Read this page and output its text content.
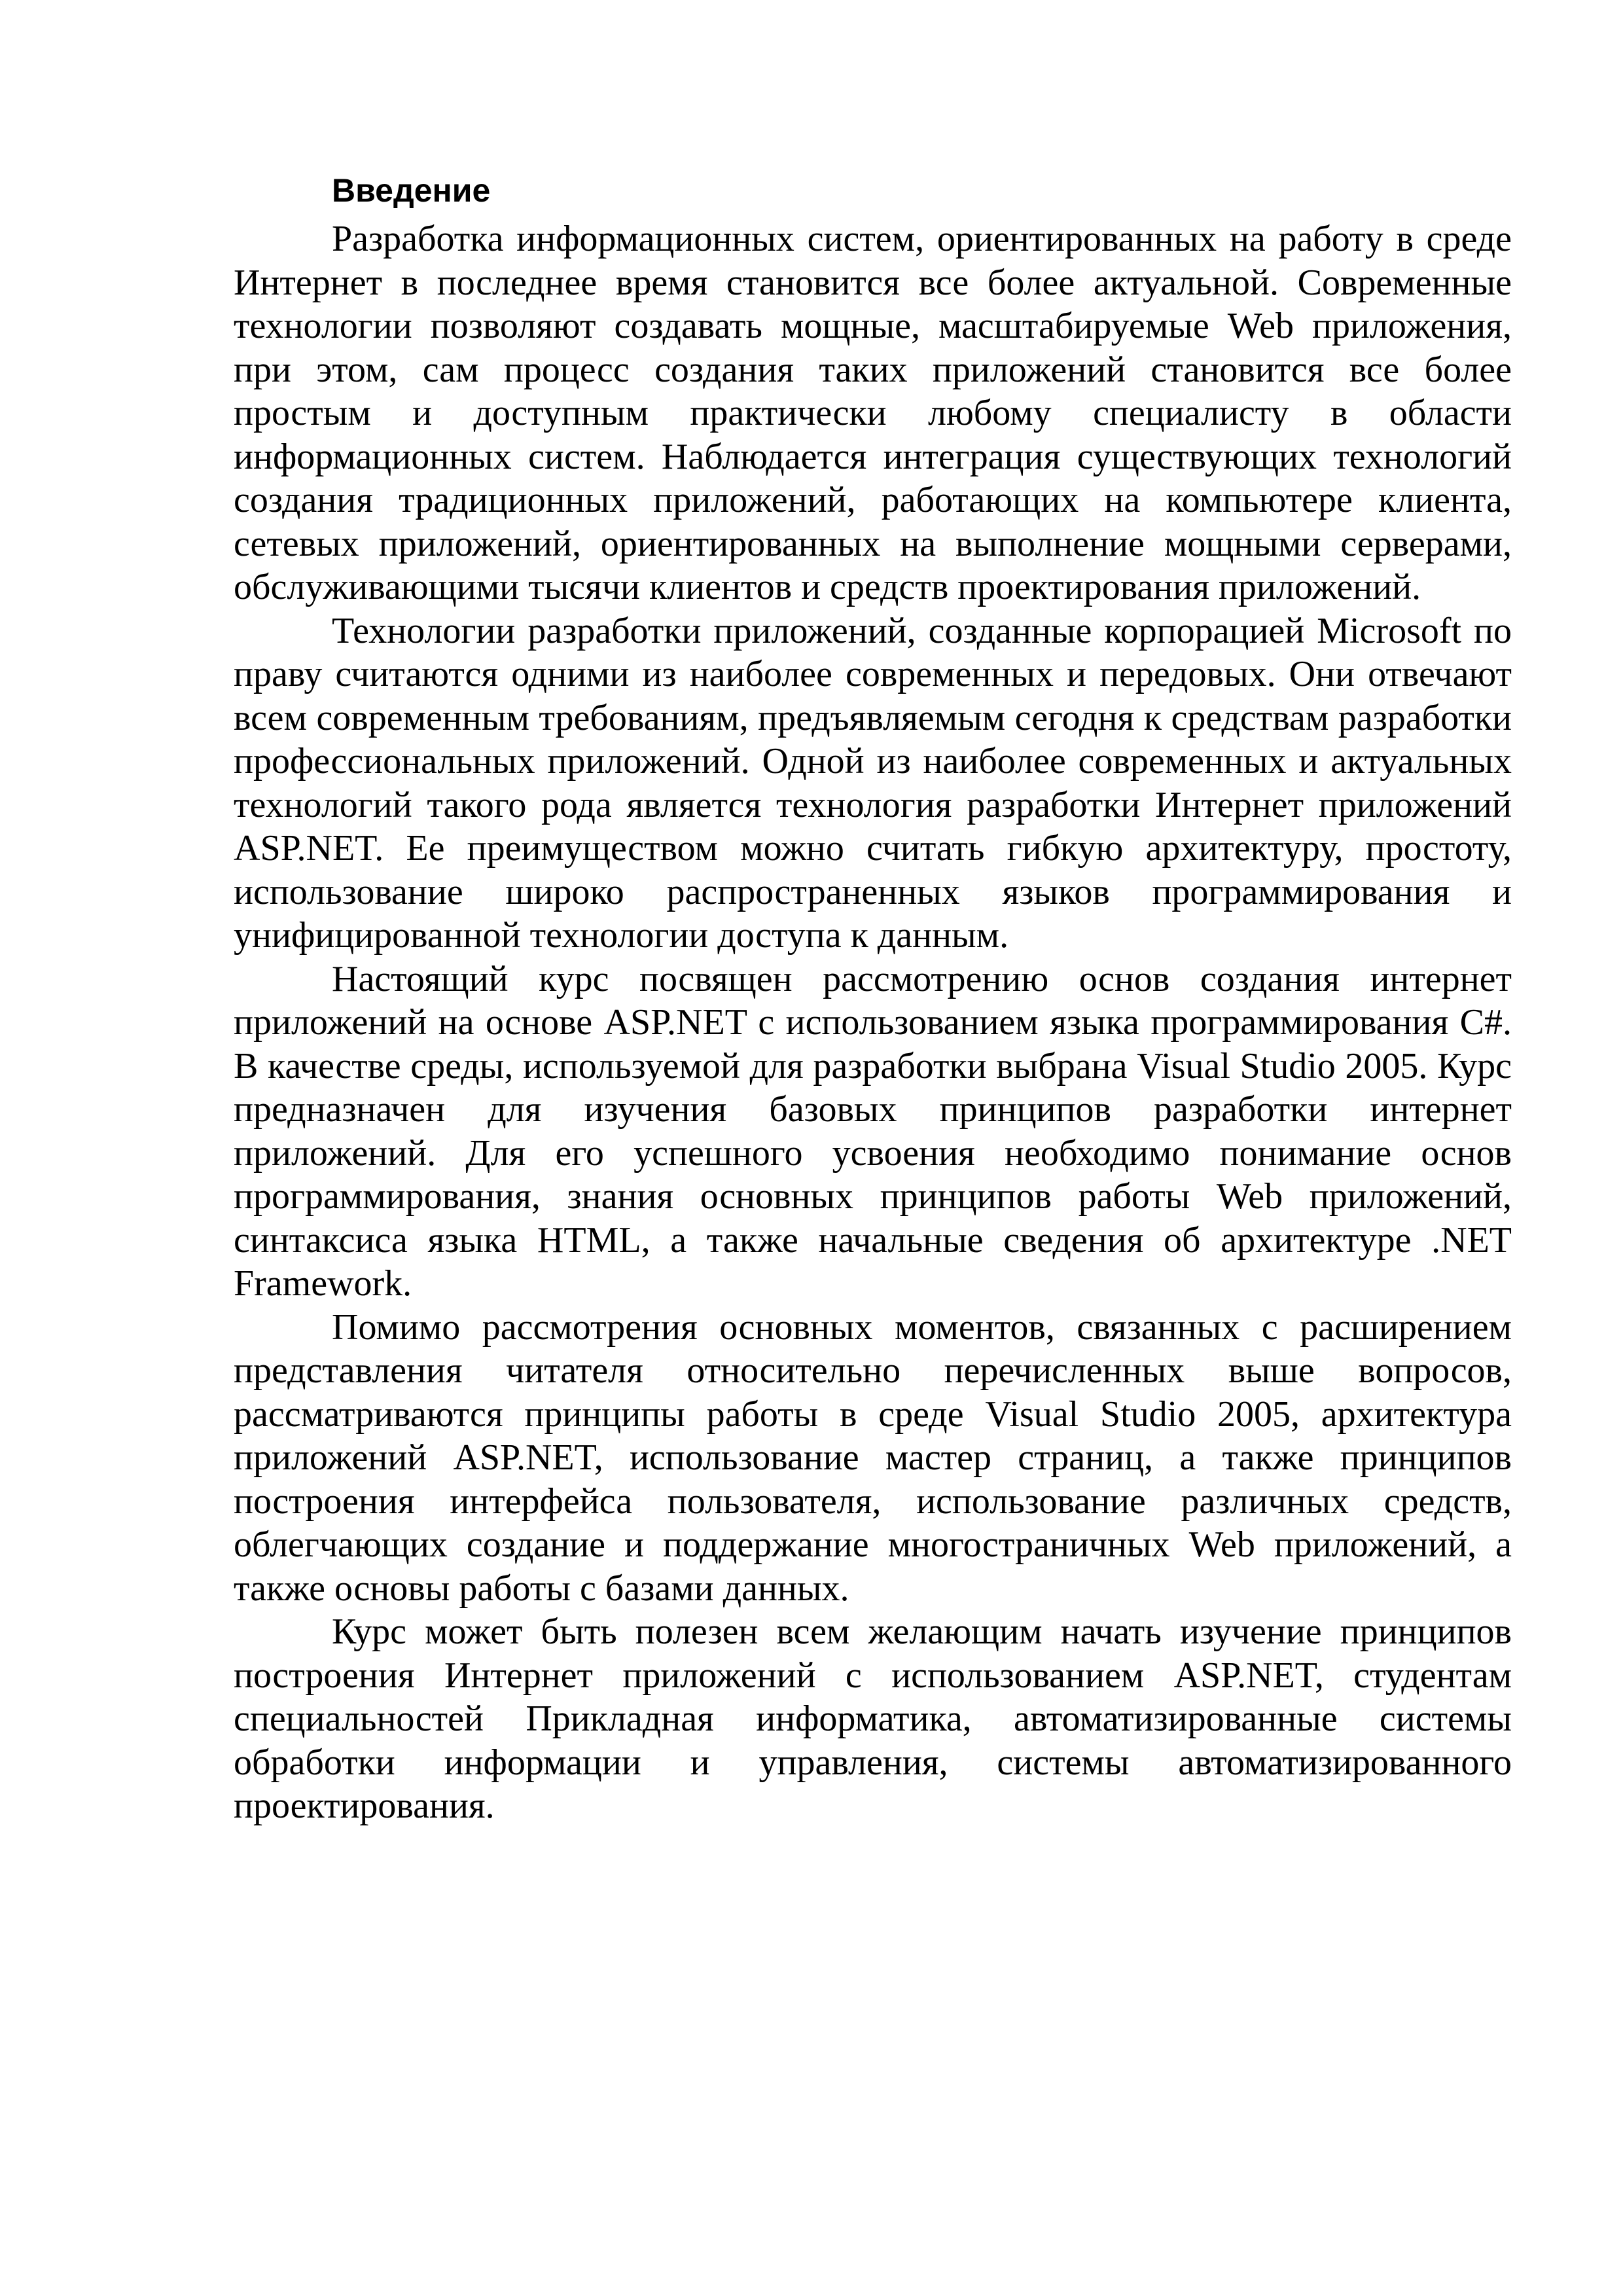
Введение

Разработка информационных систем, ориентированных на работу в среде Интернет в последнее время становится все более актуальной. Современные технологии позволяют создавать мощные, масштабируемые Web приложения, при этом, сам процесс создания таких приложений становится все более простым и доступным практически любому специалисту в области информационных систем. Наблюдается интеграция существующих технологий создания традиционных приложений, работающих на компьютере клиента, сетевых приложений, ориентированных на выполнение мощными серверами, обслуживающими тысячи клиентов и средств проектирования приложений.

Технологии разработки приложений, созданные корпорацией Microsoft по праву считаются одними из наиболее современных и передовых. Они отвечают всем современным требованиям, предъявляемым сегодня к средствам разработки профессиональных приложений. Одной из наиболее современных и актуальных технологий такого рода является технология разработки Интернет приложений ASP.NET. Ее преимуществом можно считать гибкую архитектуру, простоту, использование широко распространенных языков программирования и унифицированной технологии доступа к данным.

Настоящий курс посвящен рассмотрению основ создания интернет приложений на основе ASP.NET с использованием языка программирования C#. В качестве среды, используемой для разработки выбрана Visual Studio 2005. Курс предназначен для изучения базовых принципов разработки интернет приложений. Для его успешного усвоения необходимо понимание основ программирования, знания основных принципов работы Web приложений, синтаксиса языка HTML, а также начальные сведения об архитектуре .NET Framework.

Помимо рассмотрения основных моментов, связанных с расширением представления читателя относительно перечисленных выше вопросов, рассматриваются принципы работы в среде Visual Studio 2005, архитектура приложений ASP.NET, использование мастер страниц, а также принципов построения интерфейса пользователя, использование различных средств, облегчающих создание и поддержание многостраничных Web приложений, а также основы работы с базами данных.

Курс может быть полезен всем желающим начать изучение принципов построения Интернет приложений с использованием ASP.NET, студентам специальностей Прикладная информатика, автоматизированные системы обработки информации и управления, системы автоматизированного проектирования.
